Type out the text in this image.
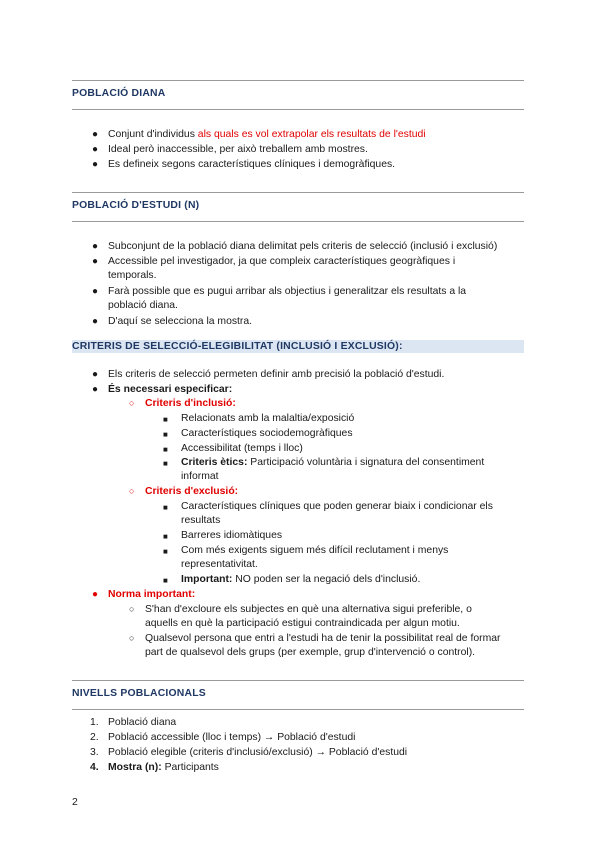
POBLACIÓ DIANA
● Conjunt d'individus als quals es vol extrapolar els resultats de l'estudi
● Ideal però inaccessible, per això treballem amb mostres.
● Es defineix segons característiques clíniques i demogràfiques.
POBLACIÓ D'ESTUDI (N)
● Subconjunt de la població diana delimitat pels criteris de selecció (inclusió i exclusió)
● Accessible pel investigador, ja que compleix característiques geogràfiques i
temporals.
● Farà possible que es pugui arribar als objectius i generalitzar els resultats a la
població diana.
● D'aquí se selecciona la mostra.
CRITERIS DE SELECCIÓ-ELEGIBILITAT (INCLUSIÓ I EXCLUSIÓ):
● Els criteris de selecció permeten definir amb precisió la població d'estudi.
● És necessari especificar:
○ Criteris d'inclusió:
■ Relacionats amb la malaltia/exposició
■ Característiques sociodemogràfiques
■ Accessibilitat (temps i lloc)
■ Criteris ètics: Participació voluntària i signatura del consentiment
informat
○ Criteris d'exclusió:
■ Característiques clíniques que poden generar biaix i condicionar els
resultats
■ Barreres idiomàtiques
■ Com més exigents siguem més difícil reclutament i menys
representativitat.
■ Important: NO poden ser la negació dels d'inclusió.
● Norma important:
○ S'han d'excloure els subjectes en què una alternativa sigui preferible, o
aquells en què la participació estigui contraindicada per algun motiu.
○ Qualsevol persona que entri a l'estudi ha de tenir la possibilitat real de formar
part de qualsevol dels grups (per exemple, grup d'intervenció o control).
NIVELLS POBLACIONALS
1. Població diana
2. Població accessible (lloc i temps) → Població d'estudi
3. Població elegible (criteris d'inclusió/exclusió) → Població d'estudi
4. Mostra (n): Participants
2
